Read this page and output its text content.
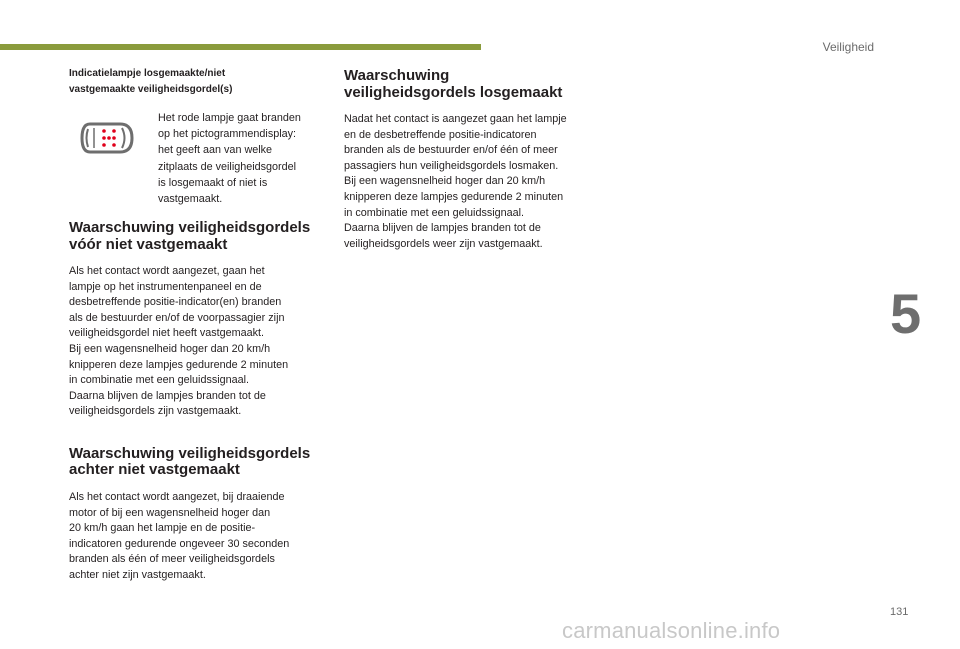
Veiligheid
5
131
carmanualsonline.info

Indicatielampje losgemaakte/niet
vastgemaakte veiligheidsgordel(s)

Het rode lampje gaat branden
op het pictogrammendisplay:
het geeft aan van welke
zitplaats de veiligheidsgordel
is losgemaakt of niet is
vastgemaakt.

Waarschuwing veiligheidsgordels
vóór niet vastgemaakt

Als het contact wordt aangezet, gaan het
lampje op het instrumentenpaneel en de
desbetreffende positie-indicator(en) branden
als de bestuurder en/of de voorpassagier zijn
veiligheidsgordel niet heeft vastgemaakt.
Bij een wagensnelheid hoger dan 20 km/h
knipperen deze lampjes gedurende 2 minuten
in combinatie met een geluidssignaal.
Daarna blijven de lampjes branden tot de
veiligheidsgordels zijn vastgemaakt.

Waarschuwing veiligheidsgordels
achter niet vastgemaakt

Als het contact wordt aangezet, bij draaiende
motor of bij een wagensnelheid hoger dan
20 km/h gaan het lampje en de positie-
indicatoren gedurende ongeveer 30 seconden
branden als één of meer veiligheidsgordels
achter niet zijn vastgemaakt.

Waarschuwing
veiligheidsgordels losgemaakt

Nadat het contact is aangezet gaan het lampje
en de desbetreffende positie-indicatoren
branden als de bestuurder en/of één of meer
passagiers hun veiligheidsgordels losmaken.
Bij een wagensnelheid hoger dan 20 km/h
knipperen deze lampjes gedurende 2 minuten
in combinatie met een geluidssignaal.
Daarna blijven de lampjes branden tot de
veiligheidsgordels weer zijn vastgemaakt.
